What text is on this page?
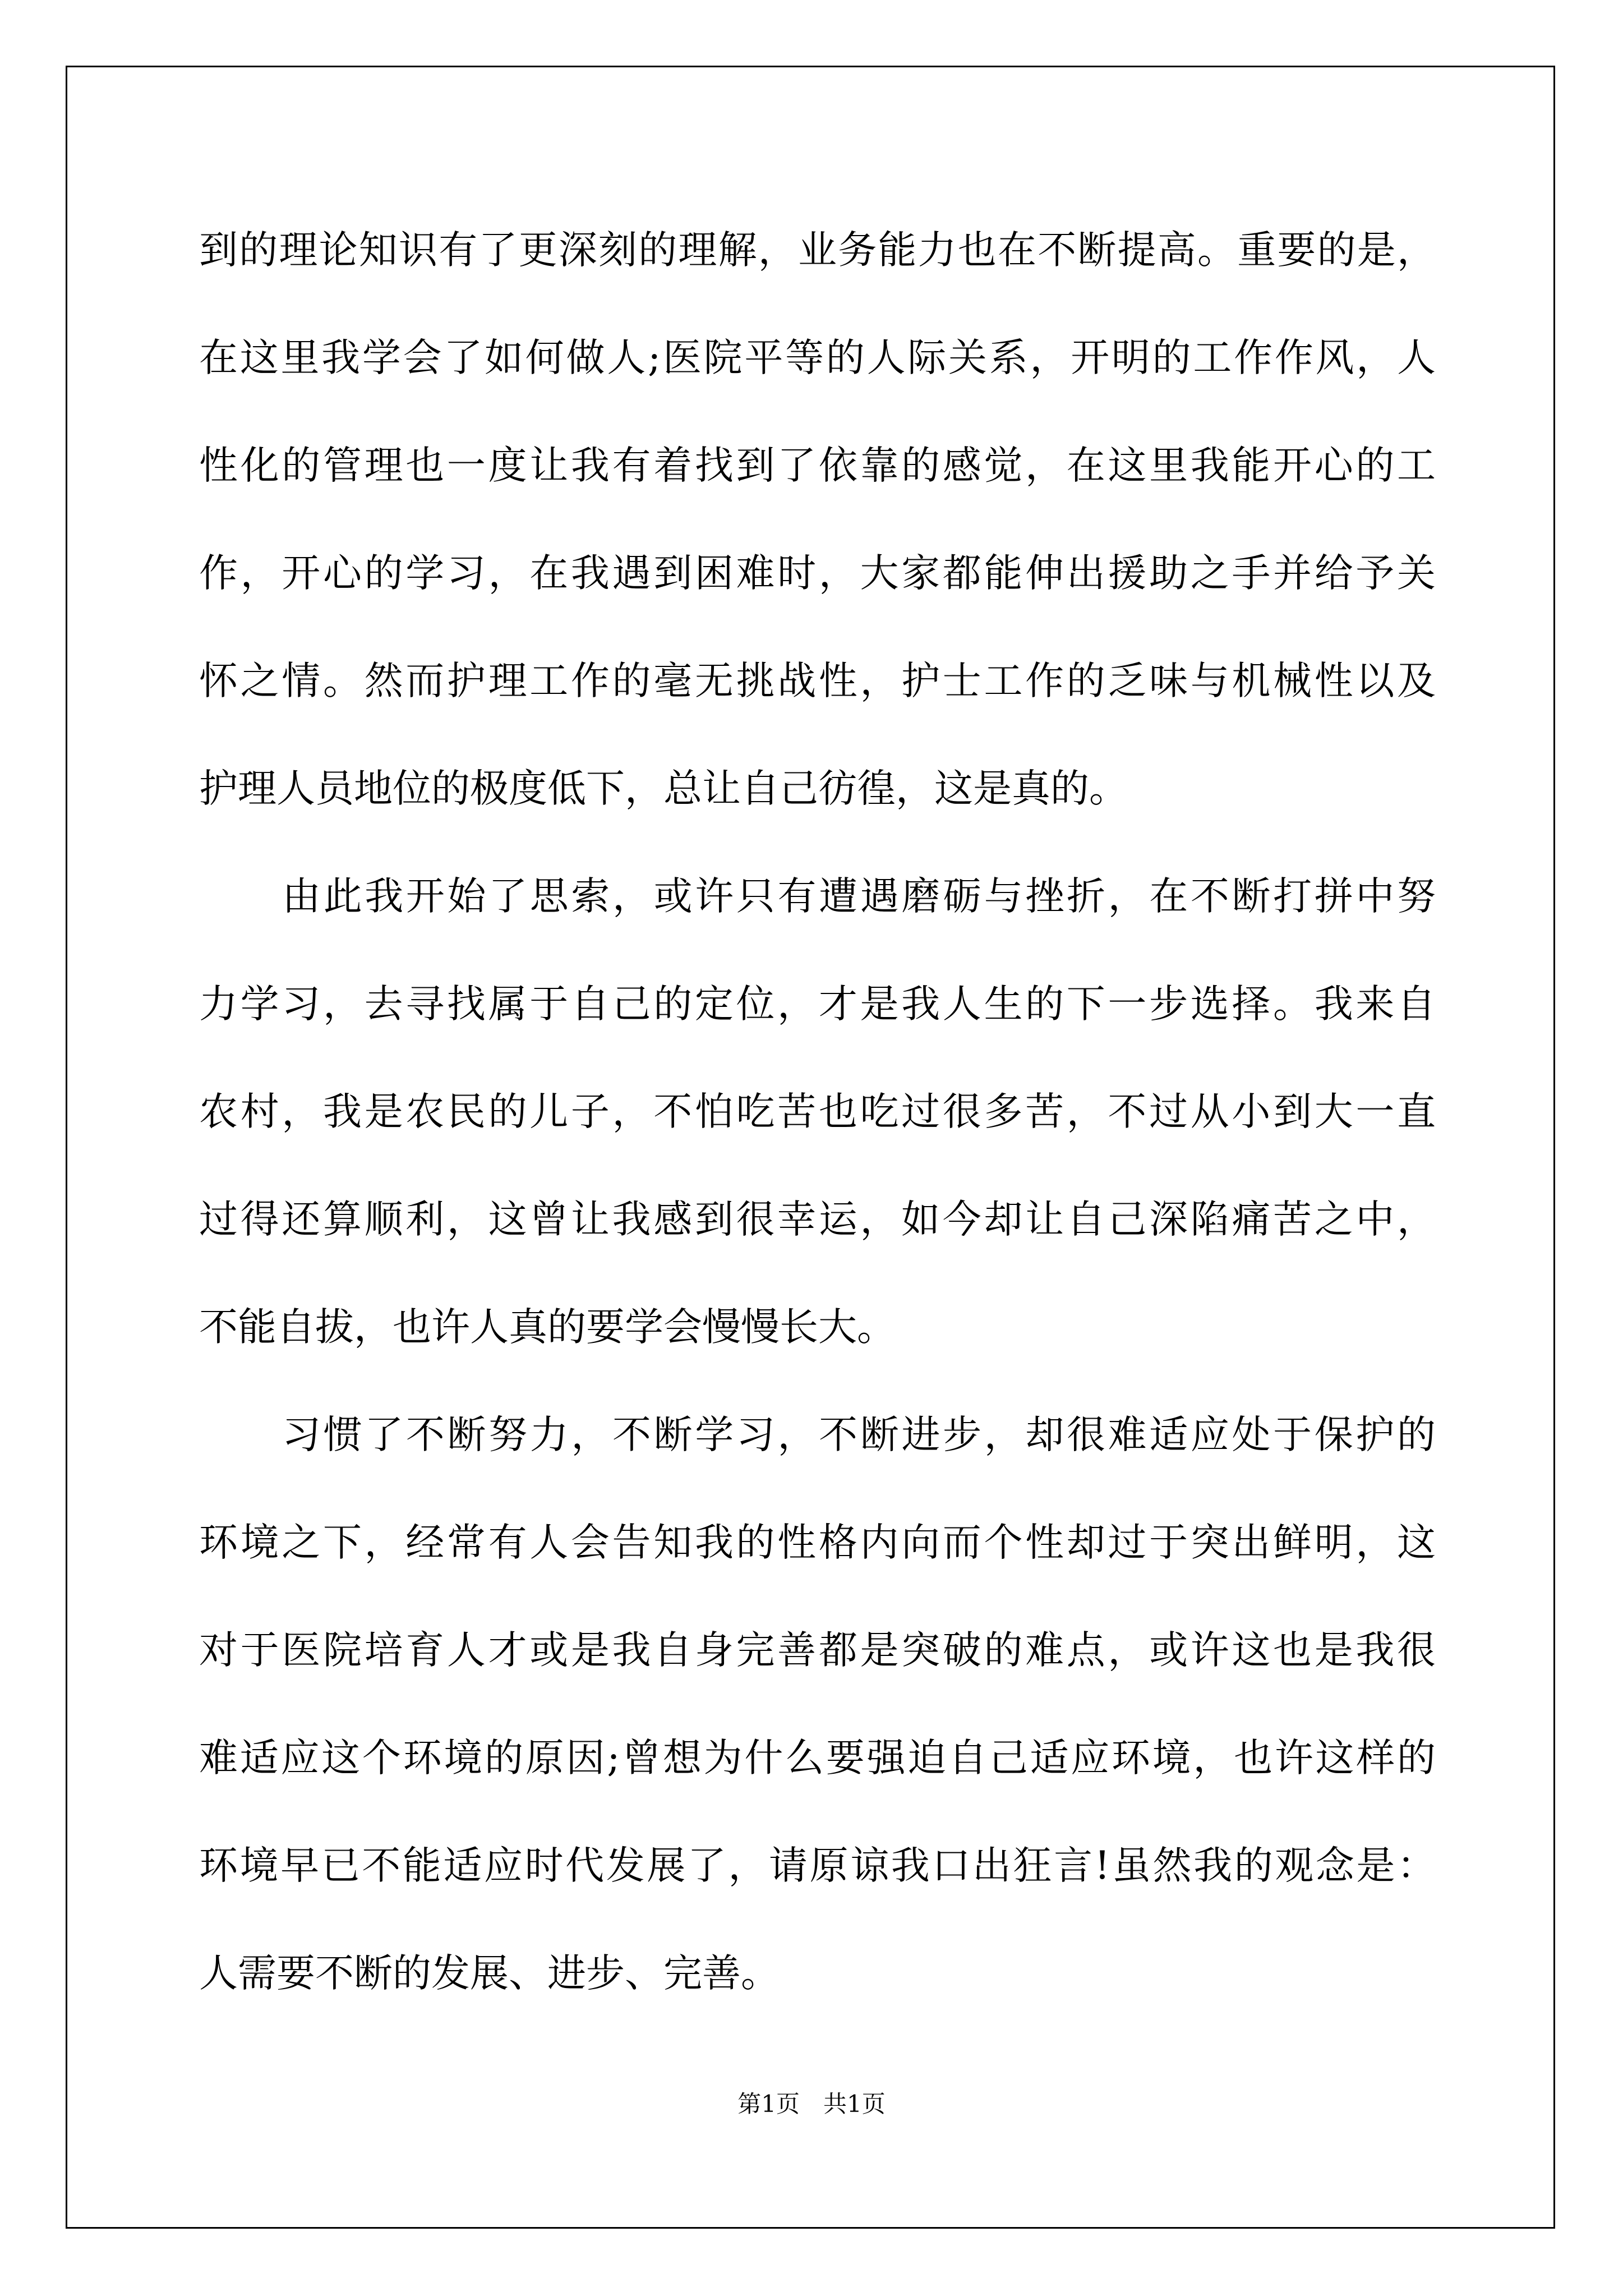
到的理论知识有了更深刻的理解，业务能力也在不断提高。重要的是，
在这里我学会了如何做人;医院平等的人际关系，开明的工作作风，人
性化的管理也一度让我有着找到了依靠的感觉，在这里我能开心的工
作，开心的学习，在我遇到困难时，大家都能伸出援助之手并给予关
怀之情。然而护理工作的毫无挑战性，护士工作的乏味与机械性以及
护理人员地位的极度低下，总让自己彷徨，这是真的。
由此我开始了思索，或许只有遭遇磨砺与挫折，在不断打拼中努
力学习，去寻找属于自己的定位，才是我人生的下一步选择。我来自
农村，我是农民的儿子，不怕吃苦也吃过很多苦，不过从小到大一直
过得还算顺利，这曾让我感到很幸运，如今却让自己深陷痛苦之中，
不能自拔，也许人真的要学会慢慢长大。
习惯了不断努力，不断学习，不断进步，却很难适应处于保护的
环境之下，经常有人会告知我的性格内向而个性却过于突出鲜明，这
对于医院培育人才或是我自身完善都是突破的难点，或许这也是我很
难适应这个环境的原因;曾想为什么要强迫自己适应环境，也许这样的
环境早已不能适应时代发展了，请原谅我口出狂言!虽然我的观念是：
人需要不断的发展、进步、完善。
第1页　共1页
